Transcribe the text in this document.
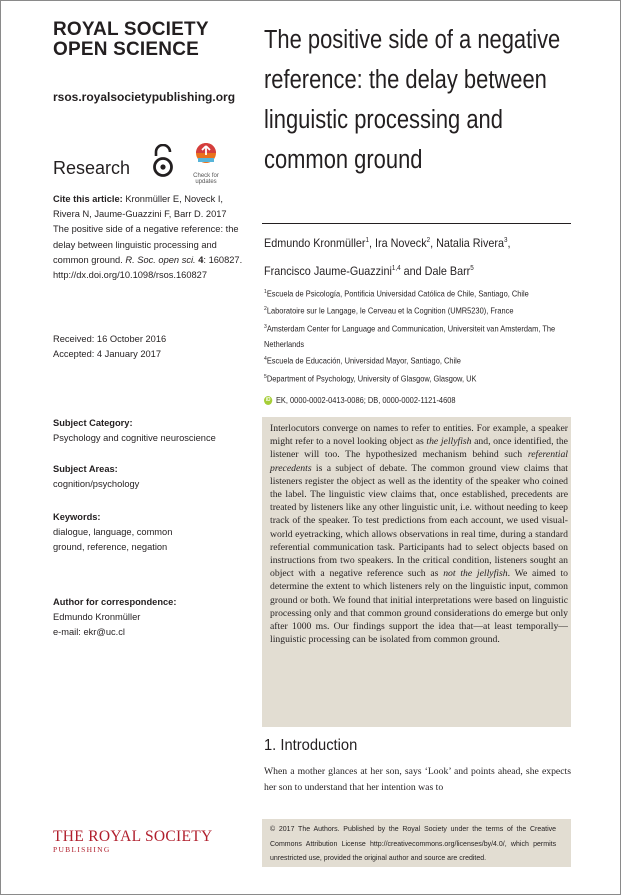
ROYAL SOCIETY
OPEN SCIENCE
rsos.royalsocietypublishing.org
Research	Check for
updates
Cite this article: Kronmüller E, Noveck I, Rivera N, Jaume-Guazzini F, Barr D. 2017 The positive side of a negative reference: the delay between linguistic processing and common ground. R. Soc. open sci. 4: 160827.
http://dx.doi.org/10.1098/rsos.160827
Received: 16 October 2016
Accepted: 4 January 2017
Subject Category:
Psychology and cognitive neuroscience
Subject Areas:
cognition/psychology
Keywords:
dialogue, language, common ground, reference, negation
Author for correspondence:
Edmundo Kronmüller
e-mail: ekr@uc.cl
The positive side of a negative reference: the delay between linguistic processing and common ground
Edmundo Kronmüller$^1$, Ira Noveck$^2$, Natalia Rivera$^3$,
Francisco Jaume-Guazzini$^{1,4}$ and Dale Barr$^5$
$^1$Escuela de Psicología, Pontificia Universidad Católica de Chile, Santiago, Chile
$^2$Laboratoire sur le Langage, le Cerveau et la Cognition (UMR5230), France
$^3$Amsterdam Center for Language and Communication, Universiteit van Amsterdam, The Netherlands
$^4$Escuela de Educación, Universidad Mayor, Santiago, Chile
$^5$Department of Psychology, University of Glasgow, Glasgow, UK
iD EK, 0000-0002-0413-0086; DB, 0000-0002-1121-4608
Interlocutors converge on names to refer to entities. For example, a speaker might refer to a novel looking object as the jellyfish and, once identified, the listener will too. The hypothesized mechanism behind such referential precedents is a subject of debate. The common ground view claims that listeners register the object as well as the identity of the speaker who coined the label. The linguistic view claims that, once established, precedents are treated by listeners like any other linguistic unit, i.e. without needing to keep track of the speaker. To test predictions from each account, we used visual-world eyetracking, which allows observations in real time, during a standard referential communication task. Participants had to select objects based on instructions from two speakers. In the critical condition, listeners sought an object with a negative reference such as not the jellyfish. We aimed to determine the extent to which listeners rely on the linguistic input, common ground or both. We found that initial interpretations were based on linguistic processing only and that common ground considerations do emerge but only after 1000 ms. Our findings support the idea that—at least temporally—linguistic processing can be isolated from common ground.
1. Introduction
When a mother glances at her son, says ‘Look’ and points ahead, she expects her son to understand that her intention was to
THE ROYAL SOCIETY
PUBLISHING
© 2017 The Authors. Published by the Royal Society under the terms of the Creative Commons Attribution License http://creativecommons.org/licenses/by/4.0/, which permits unrestricted use, provided the original author and source are credited.
